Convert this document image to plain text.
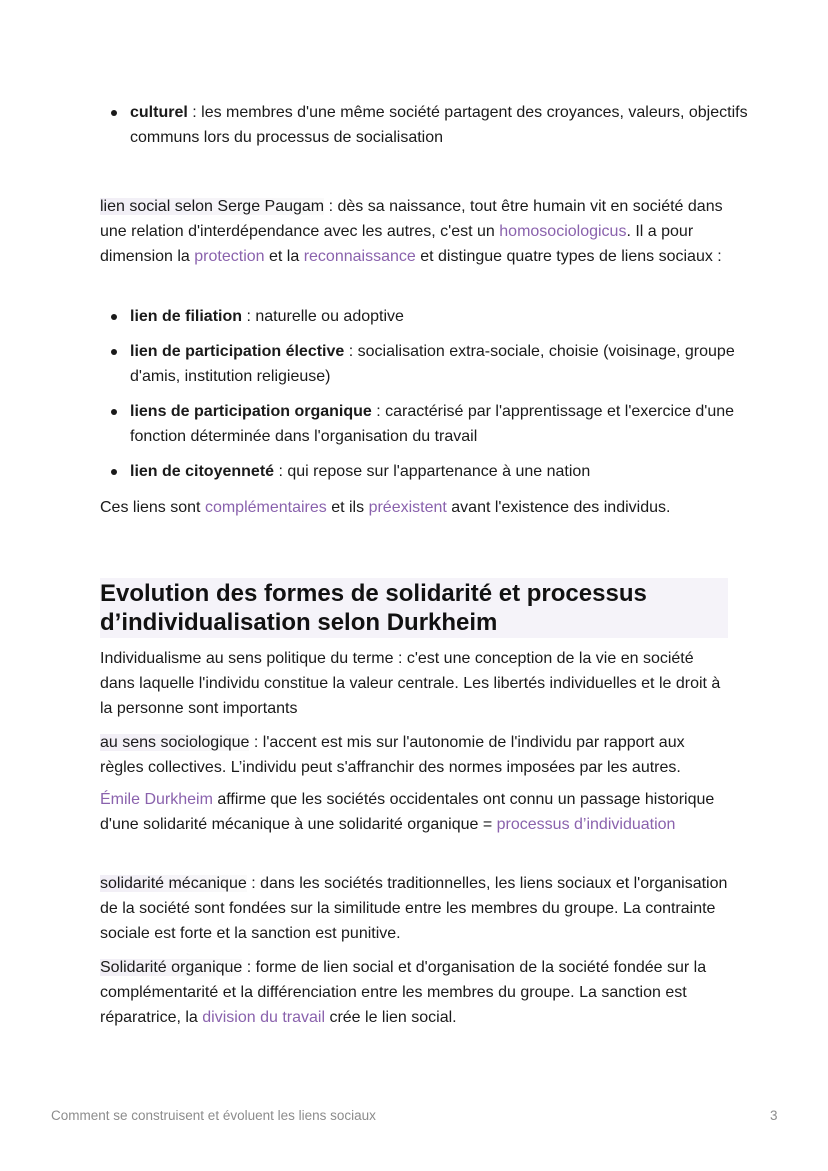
culturel : les membres d'une même société partagent des croyances, valeurs, objectifs communs lors du processus de socialisation

lien social selon Serge Paugam : dès sa naissance, tout être humain vit en société dans une relation d'interdépendance avec les autres, c'est un homosociologicus. Il a pour dimension la protection et la reconnaissance et distingue quatre types de liens sociaux :

lien de filiation : naturelle ou adoptive
lien de participation élective : socialisation extra-sociale, choisie (voisinage, groupe d'amis, institution religieuse)
liens de participation organique : caractérisé par l'apprentissage et l'exercice d'une fonction déterminée dans l'organisation du travail
lien de citoyenneté : qui repose sur l'appartenance à une nation

Ces liens sont complémentaires et ils préexistent avant l'existence des individus.

Evolution des formes de solidarité et processus d’individualisation selon Durkheim

Individualisme au sens politique du terme : c'est une conception de la vie en société dans laquelle l'individu constitue la valeur centrale. Les libertés individuelles et le droit à la personne sont importants

au sens sociologique : l'accent est mis sur l'autonomie de l'individu par rapport aux règles collectives. L’individu peut s'affranchir des normes imposées par les autres.

Émile Durkheim affirme que les sociétés occidentales ont connu un passage historique d'une solidarité mécanique à une solidarité organique = processus d’individuation

solidarité mécanique : dans les sociétés traditionnelles, les liens sociaux et l'organisation de la société sont fondées sur la similitude entre les membres du groupe. La contrainte sociale est forte et la sanction est punitive.

Solidarité organique : forme de lien social et d'organisation de la société fondée sur la complémentarité et la différenciation entre les membres du groupe. La sanction est réparatrice, la division du travail crée le lien social.

Comment se construisent et évoluent les liens sociaux	3
